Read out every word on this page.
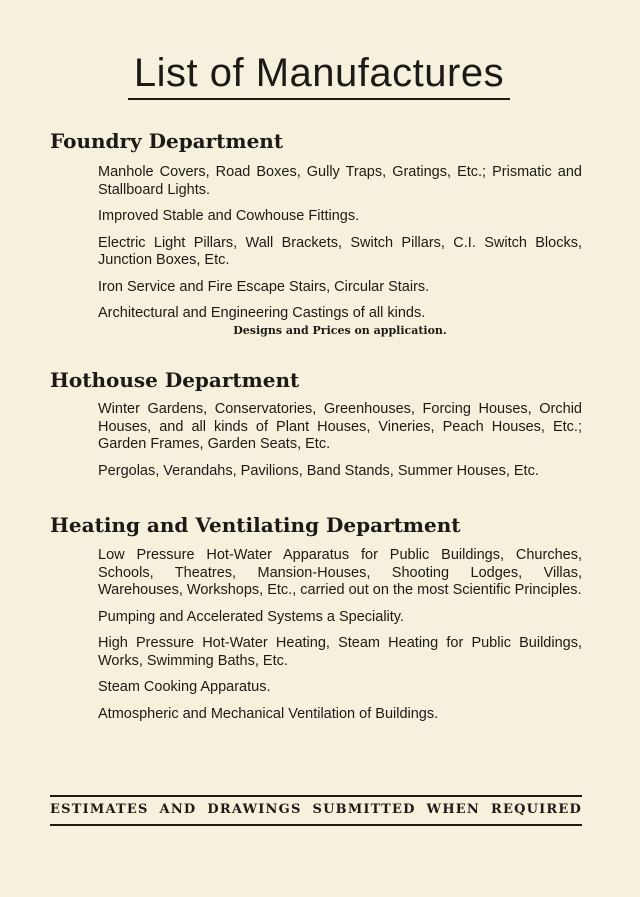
List of Manufactures
Foundry Department

Manhole Covers, Road Boxes, Gully Traps, Gratings, Etc.; Prismatic and Stallboard Lights.

Improved Stable and Cowhouse Fittings.

Electric Light Pillars, Wall Brackets, Switch Pillars, C.I. Switch Blocks, Junction Boxes, Etc.

Iron Service and Fire Escape Stairs, Circular Stairs.

Architectural and Engineering Castings of all kinds.

Designs and Prices on application.
Hothouse Department

Winter Gardens, Conservatories, Greenhouses, Forcing Houses, Orchid Houses, and all kinds of Plant Houses, Vineries, Peach Houses, Etc.; Garden Frames, Garden Seats, Etc.

Pergolas, Verandahs, Pavilions, Band Stands, Summer Houses, Etc.

Heating and Ventilating Department

Low Pressure Hot-Water Apparatus for Public Buildings, Churches, Schools, Theatres, Mansion-Houses, Shooting Lodges, Villas, Warehouses, Workshops, Etc., carried out on the most Scientific Principles.

Pumping and Accelerated Systems a Speciality.

High Pressure Hot-Water Heating, Steam Heating for Public Buildings, Works, Swimming Baths, Etc.

Steam Cooking Apparatus.

Atmospheric and Mechanical Ventilation of Buildings.

ESTIMATES AND DRAWINGS SUBMITTED WHEN REQUIRED
